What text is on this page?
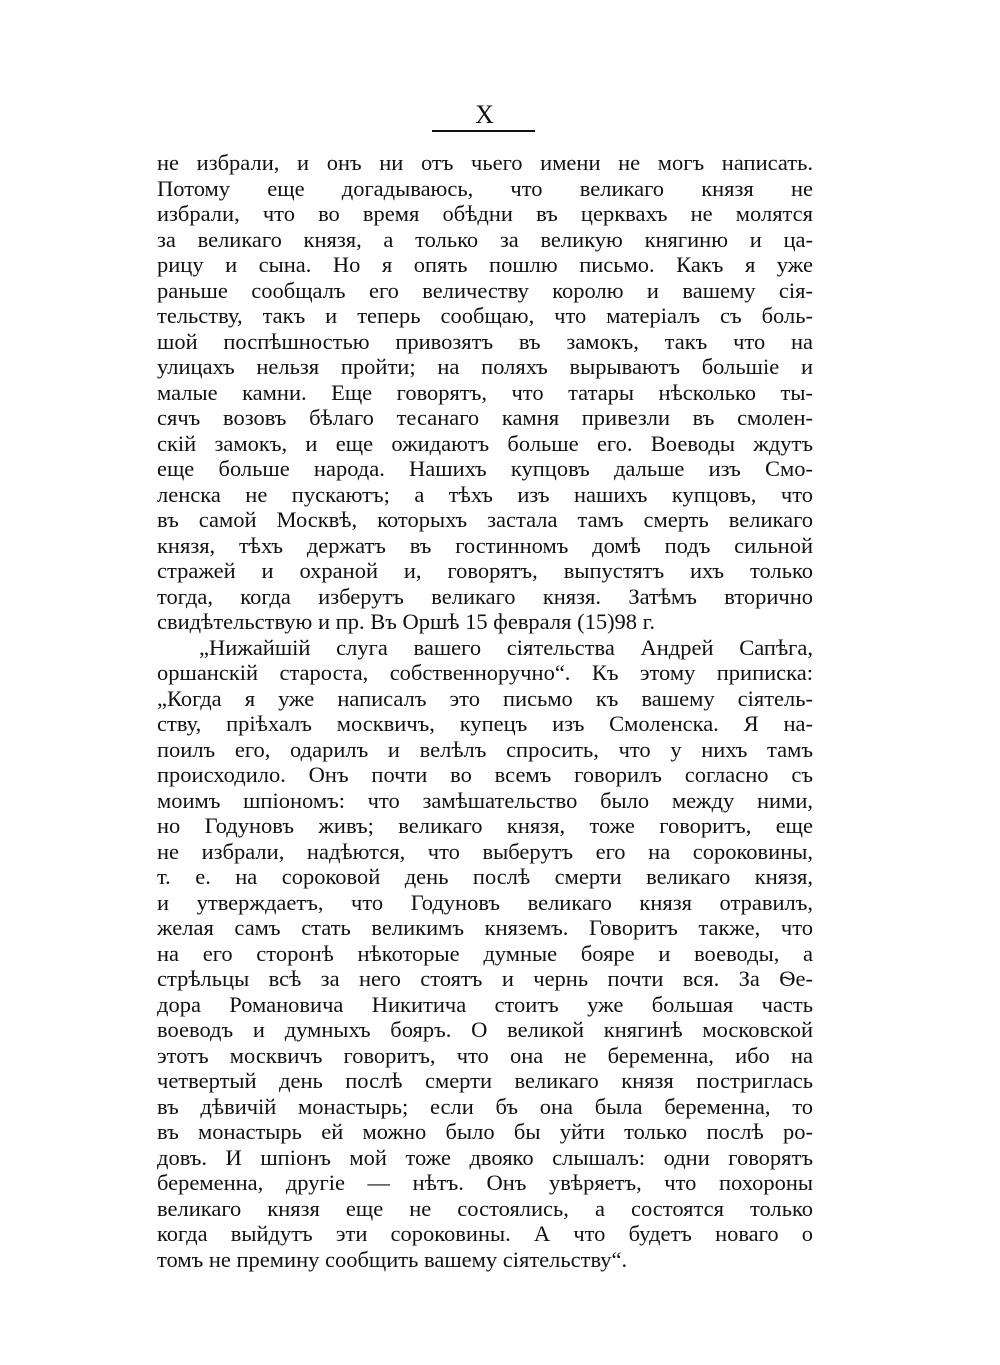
X
не избрали, и онъ ни отъ чьего имени не могъ написать.
Потому еще догадываюсь, что великаго князя не
избрали, что во время обѣдни въ церквахъ не молятся
за великаго князя, а только за великую княгиню и ца-
рицу и сына. Но я опять пошлю письмо. Какъ я уже
раньше сообщалъ его величеству королю и вашему сія-
тельству, такъ и теперь сообщаю, что матеріалъ съ боль-
шой поспѣшностью привозятъ въ замокъ, такъ что на
улицахъ нельзя пройти; на поляхъ вырываютъ большіе и
малые камни. Еще говорятъ, что татары нѣсколько ты-
сячъ возовъ бѣлаго тесанаго камня привезли въ смолен-
скій замокъ, и еще ожидаютъ больше его. Воеводы ждутъ
еще больше народа. Нашихъ купцовъ дальше изъ Смо-
ленска не пускаютъ; а тѣхъ изъ нашихъ купцовъ, что
въ самой Москвѣ, которыхъ застала тамъ смерть великаго
князя, тѣхъ держатъ въ гостинномъ домѣ подъ сильной
стражей и охраной и, говорятъ, выпустятъ ихъ только
тогда, когда изберутъ великаго князя. Затѣмъ вторично
свидѣтельствую и пр. Въ Оршѣ 15 февраля (15)98 г.
„Нижайшій слуга вашего сіятельства Андрей Сапѣга,
оршанскій староста, собственноручно“. Къ этому приписка:
„Когда я уже написалъ это письмо къ вашему сіятель-
ству, пріѣхалъ москвичъ, купецъ изъ Смоленска. Я на-
поилъ его, одарилъ и велѣлъ спросить, что у нихъ тамъ
происходило. Онъ почти во всемъ говорилъ согласно съ
моимъ шпіономъ: что замѣшательство было между ними,
но Годуновъ живъ; великаго князя, тоже говоритъ, еще
не избрали, надѣются, что выберутъ его на сороковины,
т. е. на сороковой день послѣ смерти великаго князя,
и утверждаетъ, что Годуновъ великаго князя отравилъ,
желая самъ стать великимъ княземъ. Говоритъ также, что
на его сторонѣ нѣкоторые думные бояре и воеводы, а
стрѣльцы всѣ за него стоятъ и чернь почти вся. За Ѳе-
дора Романовича Никитича стоитъ уже большая часть
воеводъ и думныхъ бояръ. О великой княгинѣ московской
этотъ москвичъ говоритъ, что она не беременна, ибо на
четвертый день послѣ смерти великаго князя постриглась
въ дѣвичій монастырь; если бъ она была беременна, то
въ монастырь ей можно было бы уйти только послѣ ро-
довъ. И шпіонъ мой тоже двояко слышалъ: одни говорятъ
беременна, другіе — нѣтъ. Онъ увѣряетъ, что похороны
великаго князя еще не состоялись, а состоятся только
когда выйдутъ эти сороковины. А что будетъ новаго о
томъ не премину сообщить вашему сіятельству“.
